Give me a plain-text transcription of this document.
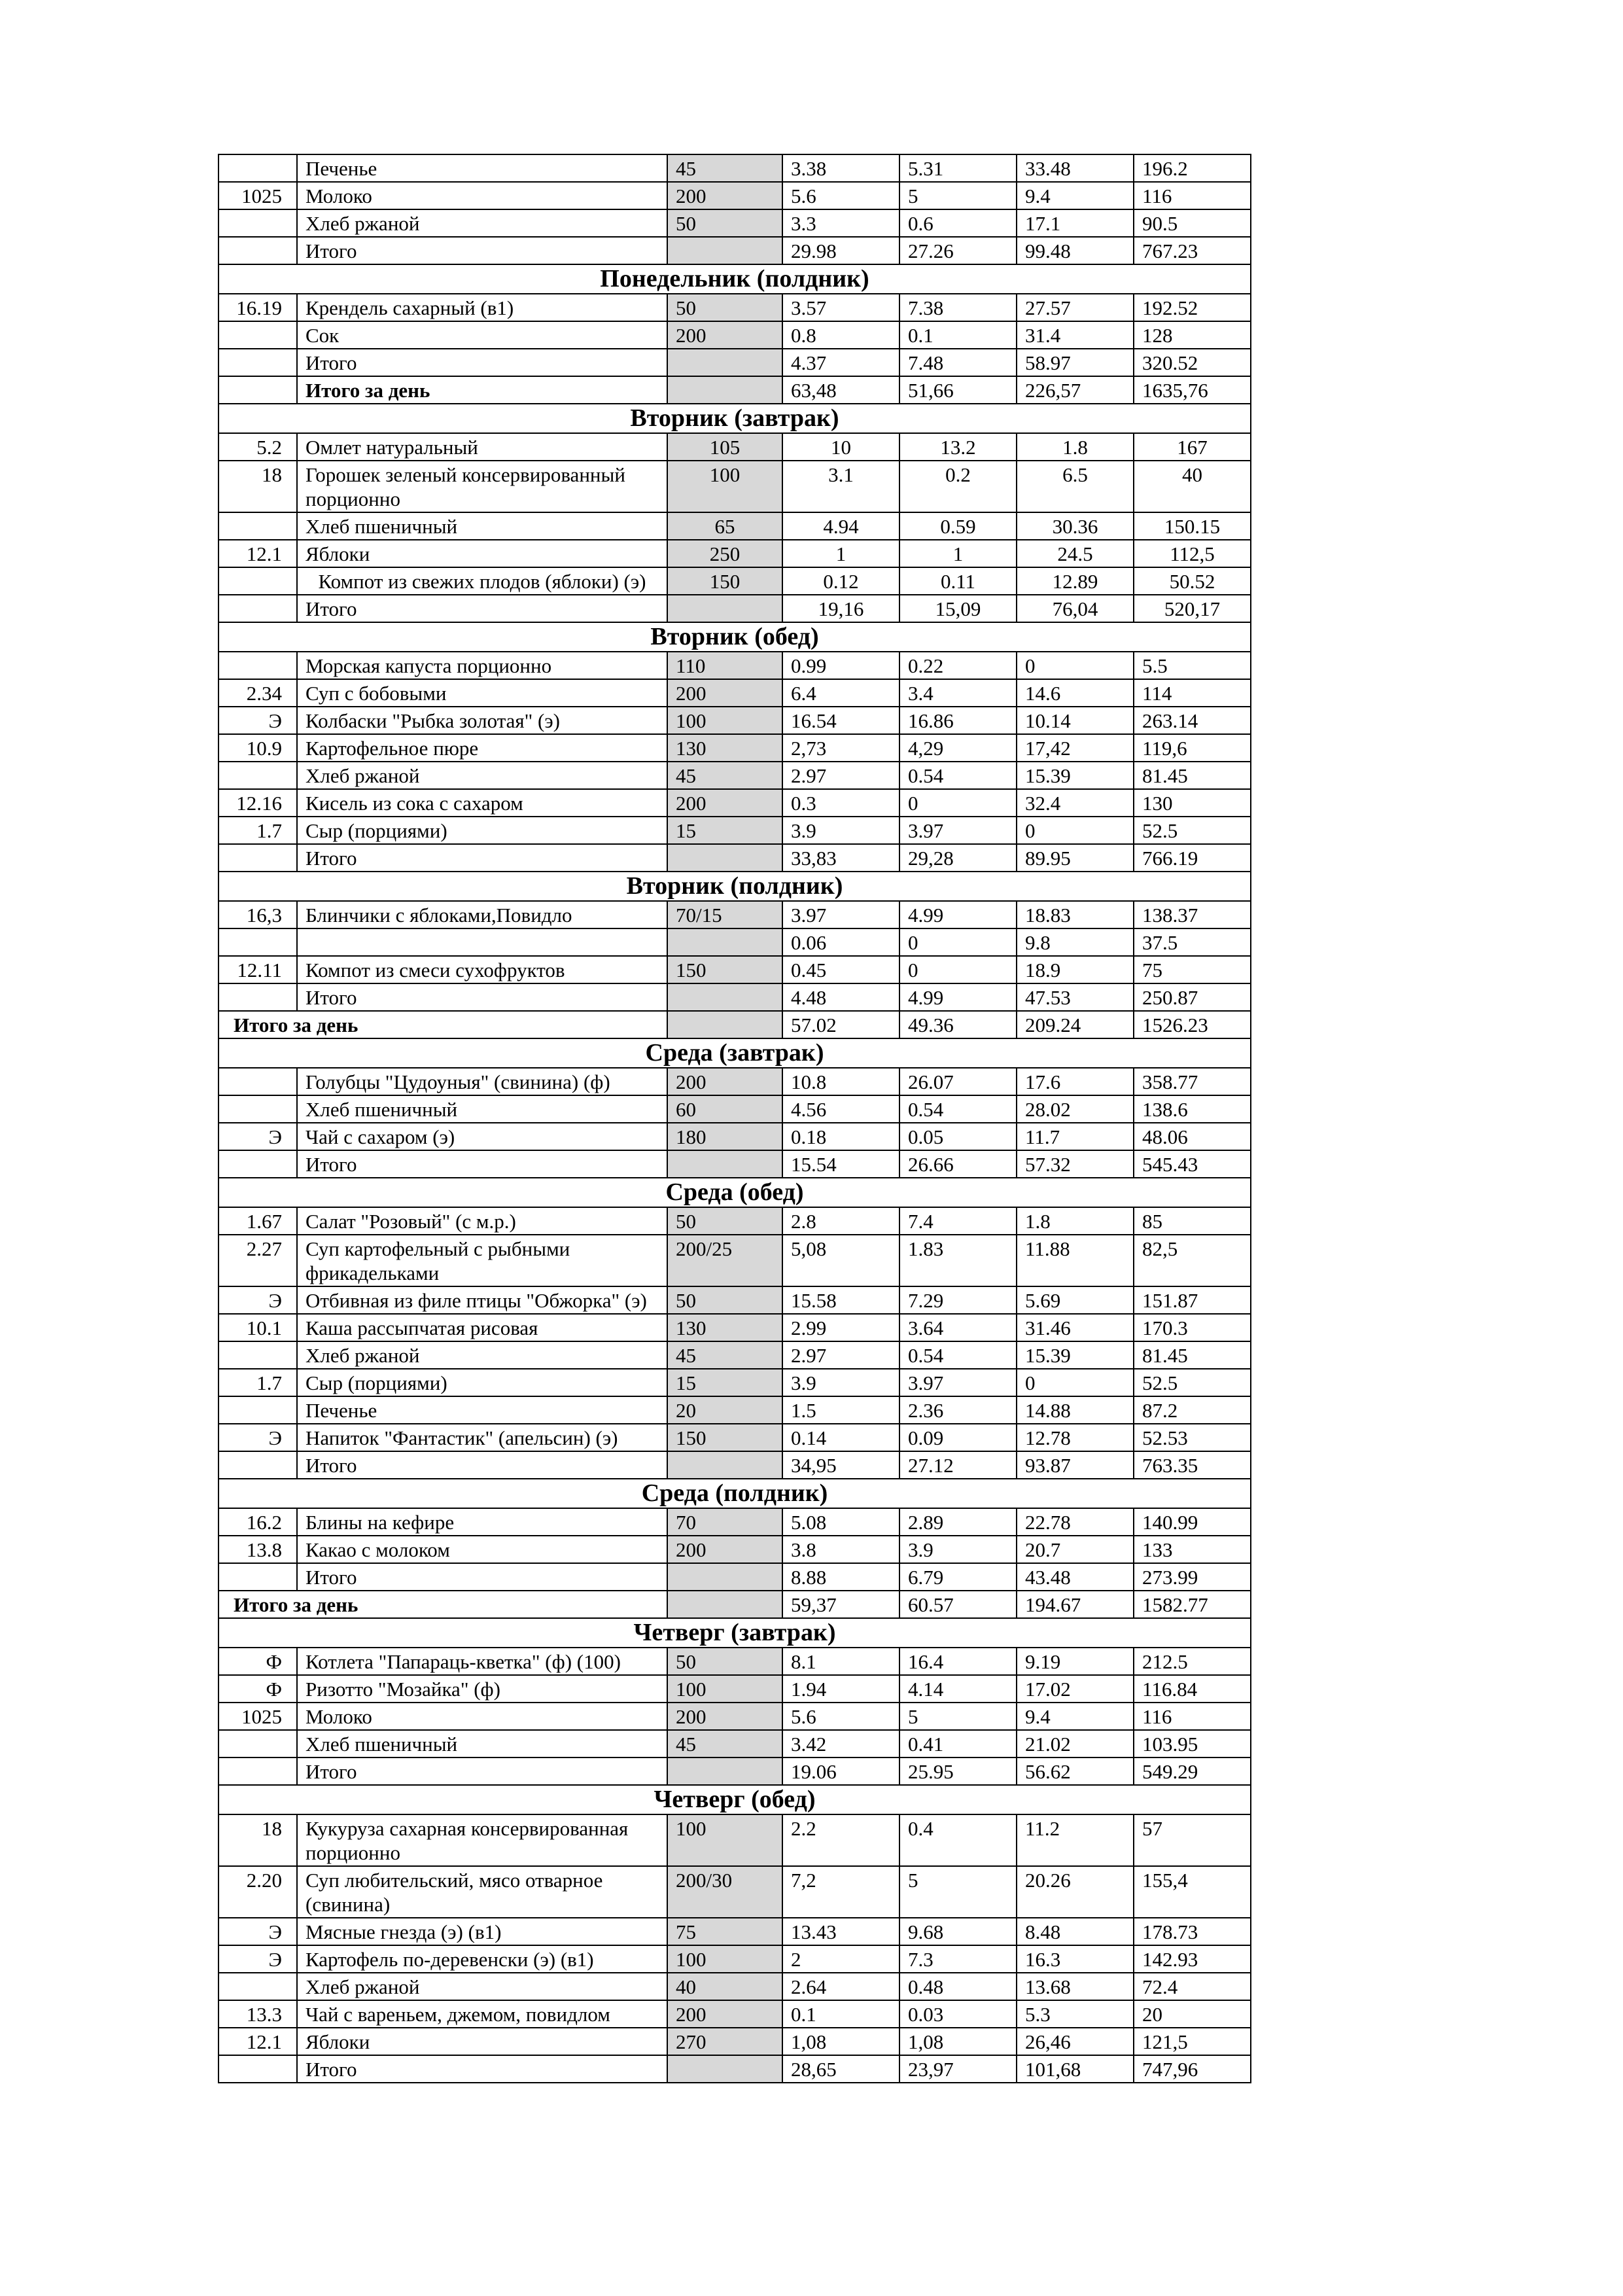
	Печенье	45	3.38	5.31	33.48	196.2
1025	Молоко	200	5.6	5	9.4	116
	Хлеб ржаной	50	3.3	0.6	17.1	90.5
	Итого		29.98	27.26	99.48	767.23
Понедельник (полдник)						
16.19	Крендель сахарный (в1)	50	3.57	7.38	27.57	192.52
	Сок	200	0.8	0.1	31.4	128
	Итого		4.37	7.48	58.97	320.52
	Итого за день		63,48	51,66	226,57	1635,76
Вторник (завтрак)						
5.2	Омлет натуральный	105	10	13.2	1.8	167
18	Горошек зеленый консервированный порционно	100	3.1	0.2	6.5	40
	Хлеб пшеничный	65	4.94	0.59	30.36	150.15
12.1	Яблоки	250	1	1	24.5	112,5
	Компот из свежих плодов (яблоки) (э)	150	0.12	0.11	12.89	50.52
	Итого		19,16	15,09	76,04	520,17
Вторник (обед)						
	Морская капуста порционно	110	0.99	0.22	0	5.5
2.34	Суп с бобовыми	200	6.4	3.4	14.6	114
Э	Колбаски "Рыбка золотая" (э)	100	16.54	16.86	10.14	263.14
10.9	Картофельное пюре	130	2,73	4,29	17,42	119,6
	Хлеб ржаной	45	2.97	0.54	15.39	81.45
12.16	Кисель из сока с сахаром	200	0.3	0	32.4	130
1.7	Сыр (порциями)	15	3.9	3.97	0	52.5
	Итого		33,83	29,28	89.95	766.19
Вторник (полдник)						
16,3	Блинчики с яблоками,Повидло	70/15	3.97	4.99	18.83	138.37
			0.06	0	9.8	37.5
12.11	Компот из смеси сухофруктов	150	0.45	0	18.9	75
	Итого		4.48	4.99	47.53	250.87
Итого за день			57.02	49.36	209.24	1526.23
Среда (завтрак)						
	Голубцы "Цудоуныя" (свинина) (ф)	200	10.8	26.07	17.6	358.77
	Хлеб пшеничный	60	4.56	0.54	28.02	138.6
Э	Чай с сахаром (э)	180	0.18	0.05	11.7	48.06
	Итого		15.54	26.66	57.32	545.43
Среда (обед)						
1.67	Салат "Розовый" (с м.р.)	50	2.8	7.4	1.8	85
2.27	Суп картофельный с рыбными фрикадельками	200/25	5,08	1.83	11.88	82,5
Э	Отбивная из филе птицы "Обжорка" (э)	50	15.58	7.29	5.69	151.87
10.1	Каша рассыпчатая рисовая	130	2.99	3.64	31.46	170.3
	Хлеб ржаной	45	2.97	0.54	15.39	81.45
1.7	Сыр (порциями)	15	3.9	3.97	0	52.5
	Печенье	20	1.5	2.36	14.88	87.2
Э	Напиток "Фантастик" (апельсин) (э)	150	0.14	0.09	12.78	52.53
	Итого		34,95	27.12	93.87	763.35
Среда (полдник)						
16.2	Блины на кефире	70	5.08	2.89	22.78	140.99
13.8	Какао с молоком	200	3.8	3.9	20.7	133
	Итого		8.88	6.79	43.48	273.99
Итого за день			59,37	60.57	194.67	1582.77
Четверг (завтрак)						
Ф	Котлета "Папараць-кветка" (ф) (100)	50	8.1	16.4	9.19	212.5
Ф	Ризотто "Мозайка" (ф)	100	1.94	4.14	17.02	116.84
1025	Молоко	200	5.6	5	9.4	116
	Хлеб пшеничный	45	3.42	0.41	21.02	103.95
	Итого		19.06	25.95	56.62	549.29
Четверг (обед)						
18	Кукуруза сахарная консервированная порционно	100	2.2	0.4	11.2	57
2.20	Суп любительский, мясо отварное (свинина)	200/30	7,2	5	20.26	155,4
Э	Мясные гнезда (э) (в1)	75	13.43	9.68	8.48	178.73
Э	Картофель по-деревенски (э) (в1)	100	2	7.3	16.3	142.93
	Хлеб ржаной	40	2.64	0.48	13.68	72.4
13.3	Чай с вареньем, джемом, повидлом	200	0.1	0.03	5.3	20
12.1	Яблоки	270	1,08	1,08	26,46	121,5
	Итого		28,65	23,97	101,68	747,96
